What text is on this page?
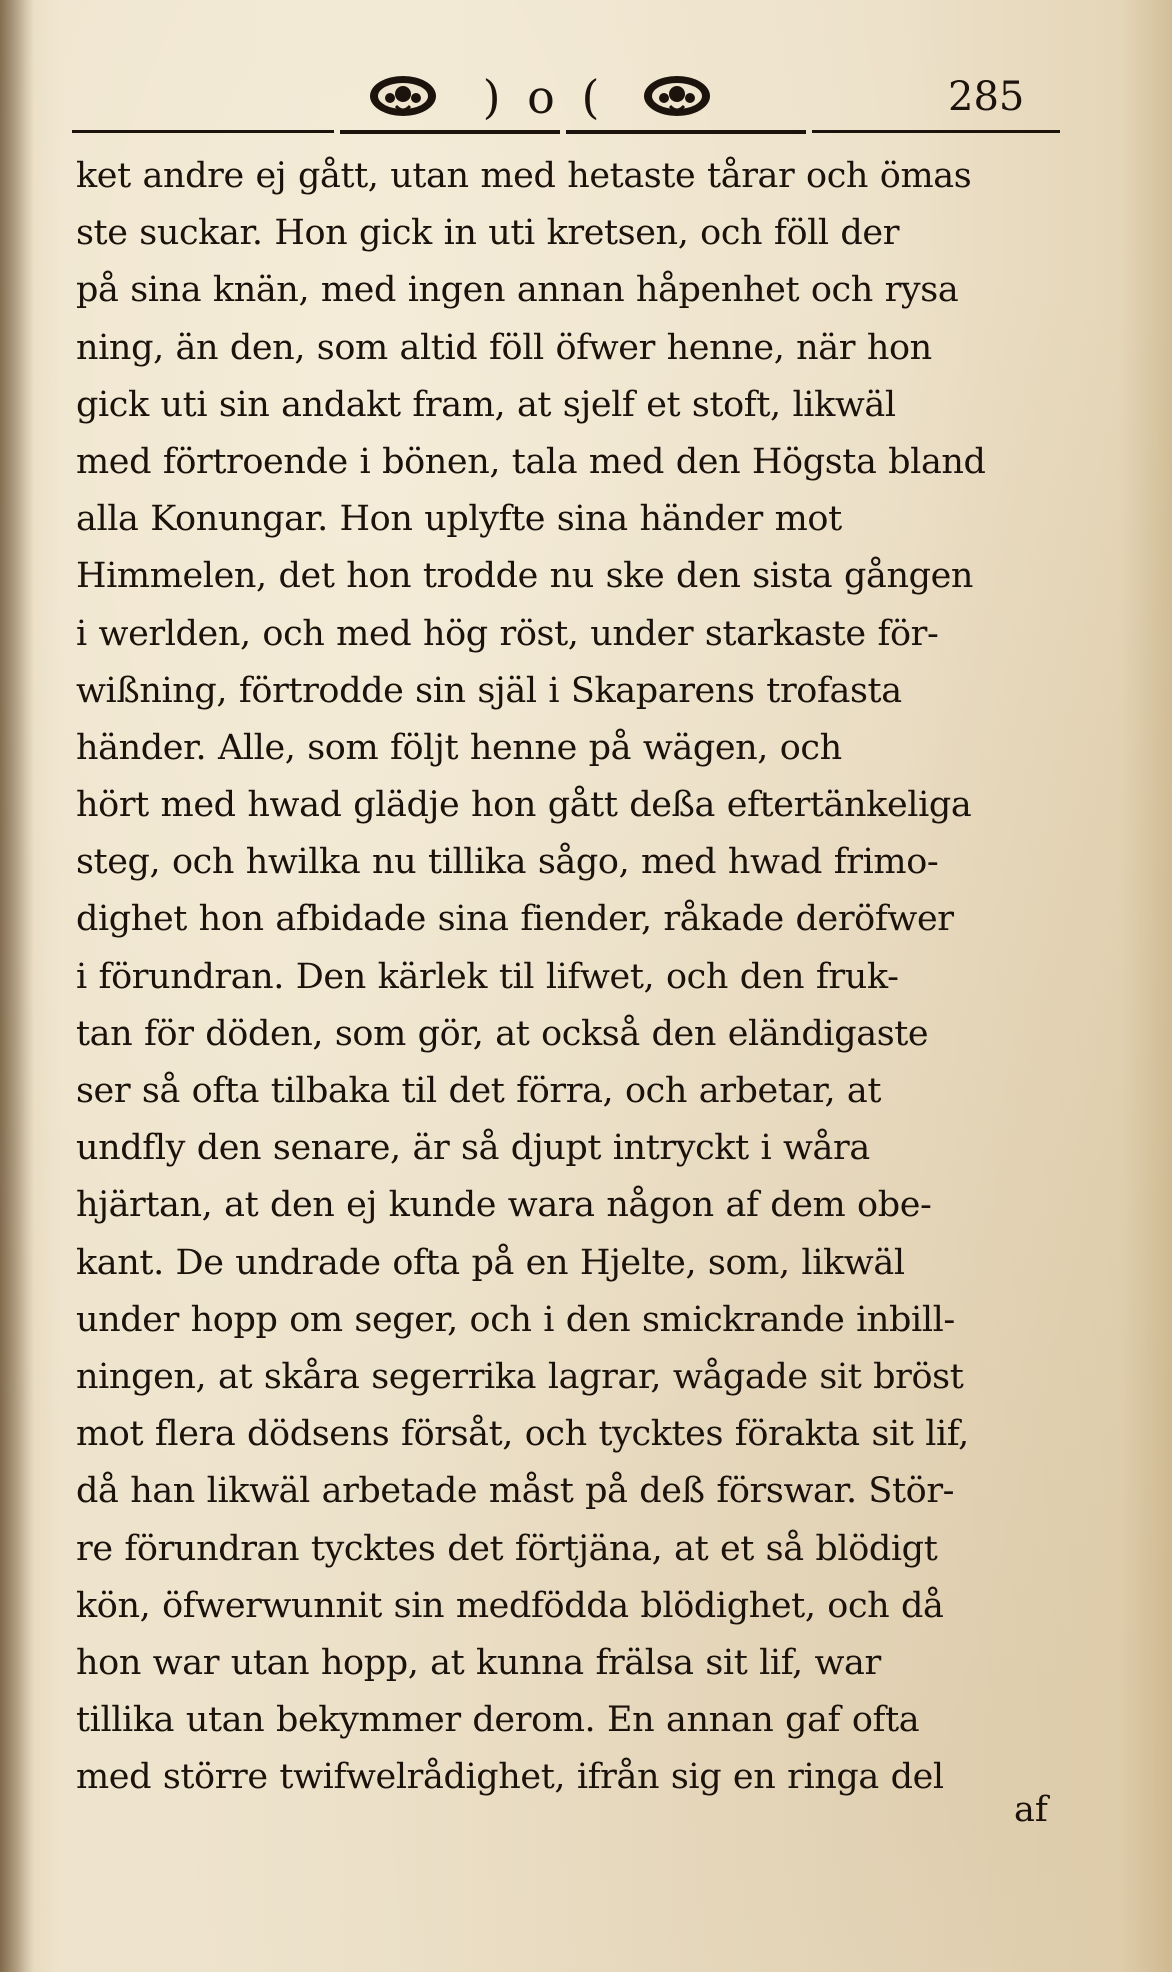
) o (	285
ket andre ej gått, utan med hetaste tårar och ömas
ste suckar. Hon gick in uti kretsen, och föll der
på sina knän, med ingen annan håpenhet och rysa
ning, än den, som altid föll öfwer henne, när hon
gick uti sin andakt fram, at sjelf et stoft, likwäl
med förtroende i bönen, tala med den Högsta bland
alla Konungar. Hon uplyfte sina händer mot
Himmelen, det hon trodde nu ske den sista gången
i werlden, och med hög röst, under starkaste för-
wißning, förtrodde sin själ i Skaparens trofasta
händer. Alle, som följt henne på wägen, och
hört med hwad glädje hon gått deßa eftertänkeliga
steg, och hwilka nu tillika sågo, med hwad frimo-
dighet hon afbidade sina fiender, råkade deröfwer
i förundran. Den kärlek til lifwet, och den fruk-
tan för döden, som gör, at också den eländigaste
ser så ofta tilbaka til det förra, och arbetar, at
undfly den senare, är så djupt intryckt i wåra
hjärtan, at den ej kunde wara någon af dem obe-
kant. De undrade ofta på en Hjelte, som, likwäl
under hopp om seger, och i den smickrande inbill-
ningen, at skåra segerrika lagrar, wågade sit bröst
mot flera dödsens försåt, och tycktes förakta sit lif,
då han likwäl arbetade måst på deß förswar. Stör-
re förundran tycktes det förtjäna, at et så blödigt
kön, öfwerwunnit sin medfödda blödighet, och då
hon war utan hopp, at kunna frälsa sit lif, war
tillika utan bekymmer derom. En annan gaf ofta
med större twifwelrådighet, ifrån sig en ringa del
af
